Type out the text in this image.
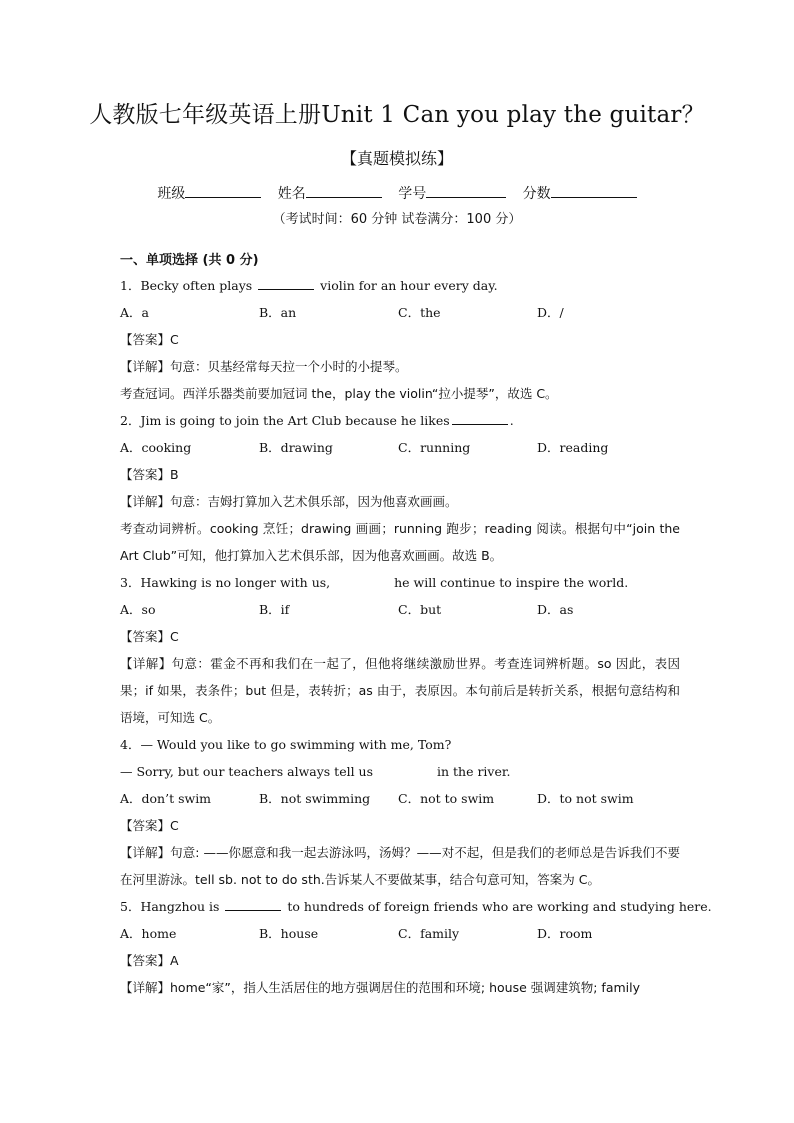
人教版七年级英语上册Unit 1 Can you play the guitar？
【真题模拟练】
班级	姓名	学号	分数
（考试时间：60 分钟 试卷满分：100 分）
一、单项选择 (共 0 分)
1．Becky often plays	violin for an hour every day.
A．a	B．an	C．the	D．/
【答案】C
【详解】句意：贝基经常每天拉一个小时的小提琴。
考查冠词。西洋乐器类前要加冠词 the，play the violin“拉小提琴”，故选 C。
2．Jim is going to join the Art Club because he likes	.
A．cooking	B．drawing	C．running	D．reading
【答案】B
【详解】句意：吉姆打算加入艺术俱乐部，因为他喜欢画画。
考查动词辨析。cooking 烹饪；drawing 画画；running 跑步；reading 阅读。根据句中“join the Art Club”可知，他打算加入艺术俱乐部，因为他喜欢画画。故选 B。
3．Hawking is no longer with us,	he will continue to inspire the world.
A．so	B．if	C．but	D．as
【答案】C
【详解】句意：霍金不再和我们在一起了，但他将继续激励世界。考查连词辨析题。so 因此，表因果；if 如果，表条件；but 但是，表转折；as 由于，表原因。本句前后是转折关系，根据句意结构和语境，可知选 C。
4．— Would you like to go swimming with me, Tom?
— Sorry, but our teachers always tell us	in the river.
A．don’t swim	B．not swimming	C．not to swim	D．to not swim
【答案】C
【详解】句意: ——你愿意和我一起去游泳吗，汤姆？——对不起，但是我们的老师总是告诉我们不要在河里游泳。tell sb. not to do sth.告诉某人不要做某事，结合句意可知，答案为 C。
5．Hangzhou is	to hundreds of foreign friends who are working and studying here.
A．home	B．house	C．family	D．room
【答案】A
【详解】home“家”，指人生活居住的地方强调居住的范围和环境; house 强调建筑物; family
